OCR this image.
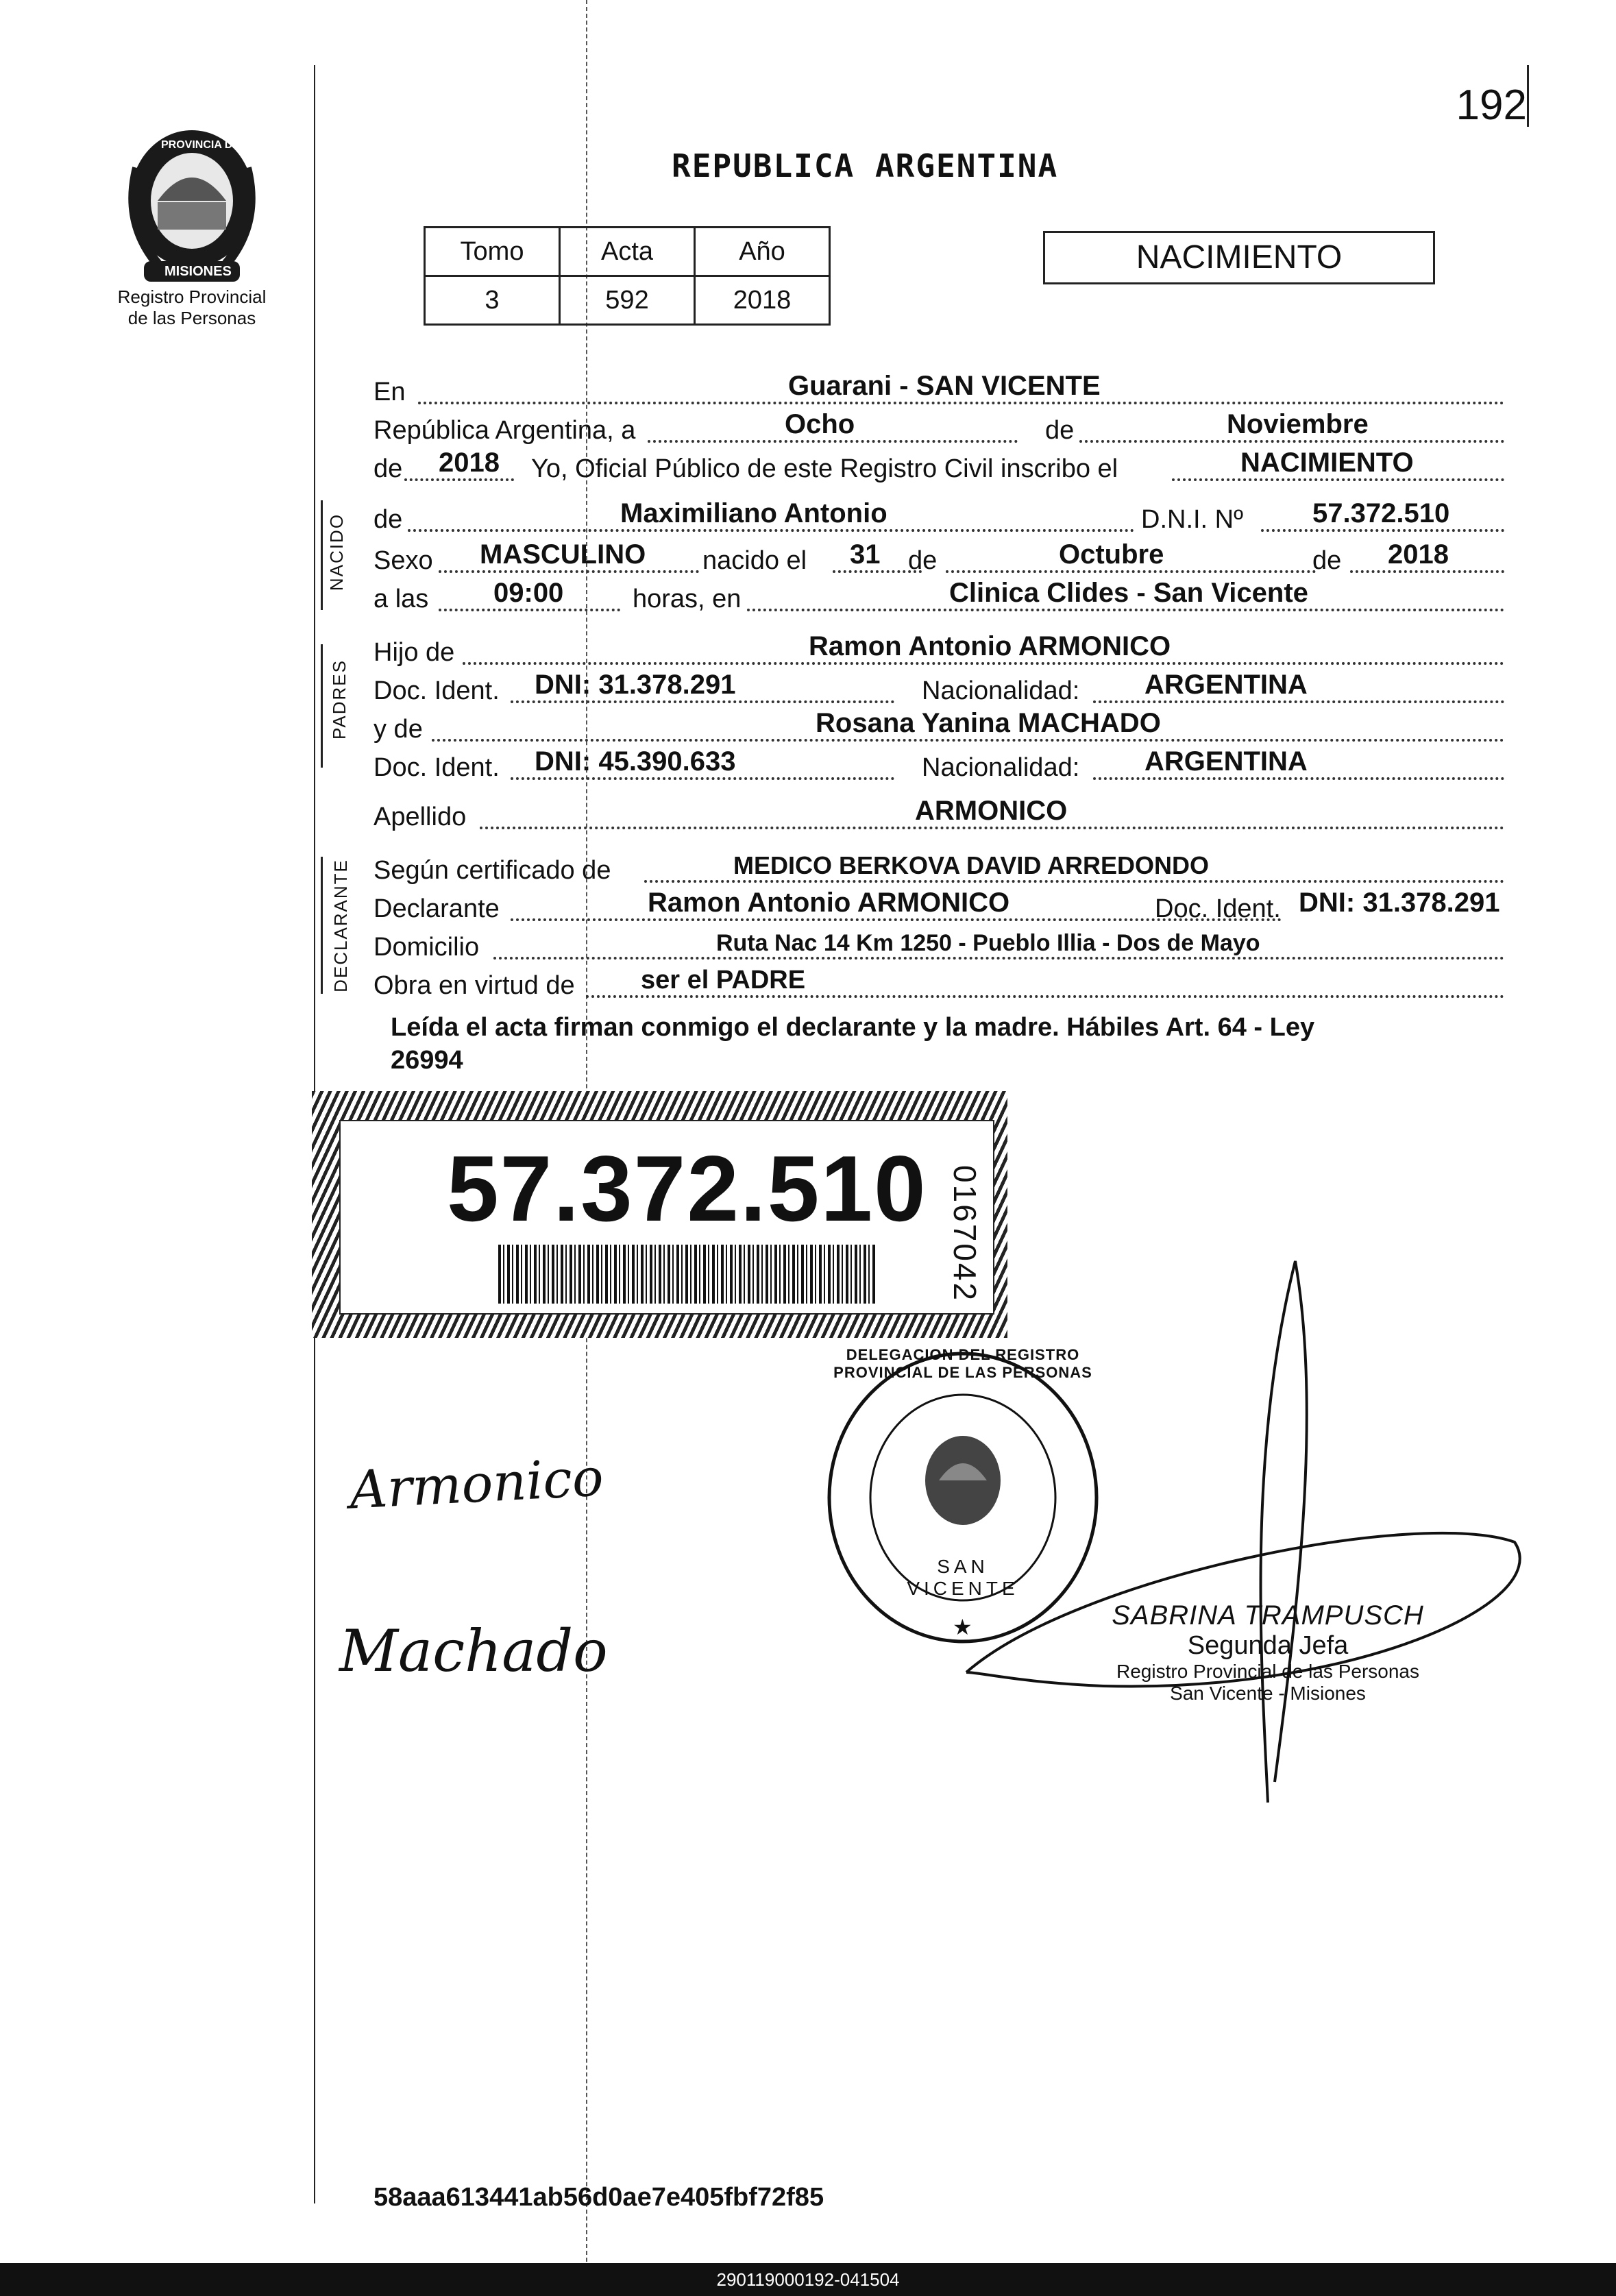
192
PROVINCIA DE
MISIONES
Registro Provincial
de las Personas
REPUBLICA ARGENTINA
Tomo	Acta	Año
3	592	2018
NACIMIENTO
NACIDO
PADRES
DECLARANTE
En	Guarani - SAN VICENTE
República Argentina, a	Ocho	de	Noviembre
de 2018 Yo, Oficial Público de este Registro Civil inscribo el	NACIMIENTO
de	Maximiliano Antonio	D.N.I. Nº	57.372.510
Sexo MASCULINO nacido el 31 de	Octubre	de 2018
a las 09:00	horas, en	Clinica Clides - San Vicente
Hijo de	Ramon Antonio ARMONICO
Doc. Ident. DNI: 31.378.291	Nacionalidad: ARGENTINA
y de	Rosana Yanina MACHADO
Doc. Ident. DNI: 45.390.633	Nacionalidad: ARGENTINA
Apellido	ARMONICO
Según certificado de	MEDICO BERKOVA DAVID ARREDONDO
Declarante	Ramon Antonio ARMONICO	Doc. Ident. DNI: 31.378.291
Domicilio	Ruta Nac 14 Km 1250 - Pueblo Illia - Dos de Mayo
Obra en virtud de	ser el PADRE
Leída el acta firman conmigo el declarante y la madre. Hábiles Art. 64 - Ley
26994
57.372.510 0167042
DELEGACION DEL REGISTRO PROVINCIAL DE LAS PERSONAS
SAN VICENTE
★	SABRINA TRAMPUSCH
Segunda Jefa
Registro Provincial de las Personas
San Vicente - Misiones
Armonico
Machado
58aaa613441ab56d0ae7e405fbf72f85
290119000192-041504
